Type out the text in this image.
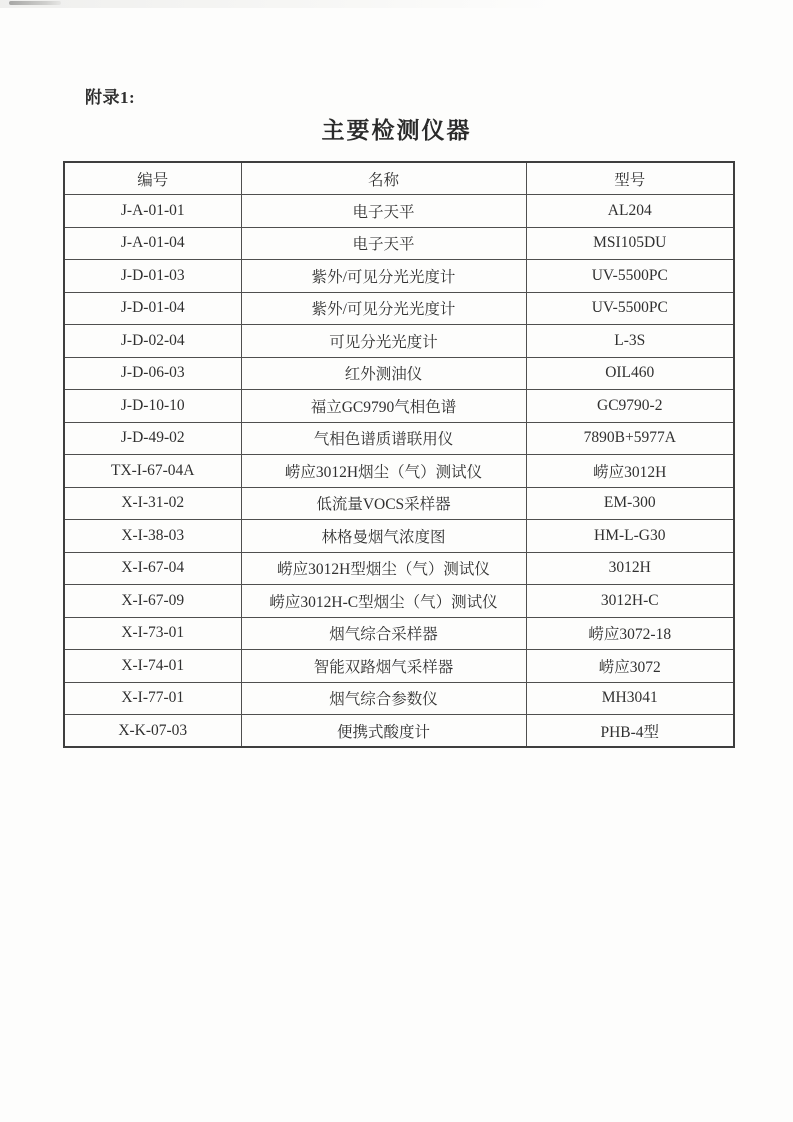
附录1:
主要检测仪器
编号	名称	型号
J-A-01-01	电子天平	AL204
J-A-01-04	电子天平	MSI105DU
J-D-01-03	紫外/可见分光光度计	UV-5500PC
J-D-01-04	紫外/可见分光光度计	UV-5500PC
J-D-02-04	可见分光光度计	L-3S
J-D-06-03	红外测油仪	OIL460
J-D-10-10	福立GC9790气相色谱	GC9790-2
J-D-49-02	气相色谱质谱联用仪	7890B+5977A
TX-I-67-04A	崂应3012H烟尘（气）测试仪	崂应3012H
X-I-31-02	低流量VOCS采样器	EM-300
X-I-38-03	林格曼烟气浓度图	HM-L-G30
X-I-67-04	崂应3012H型烟尘（气）测试仪	3012H
X-I-67-09	崂应3012H-C型烟尘（气）测试仪	3012H-C
X-I-73-01	烟气综合采样器	崂应3072-18
X-I-74-01	智能双路烟气采样器	崂应3072
X-I-77-01	烟气综合参数仪	MH3041
X-K-07-03	便携式酸度计	PHB-4型
